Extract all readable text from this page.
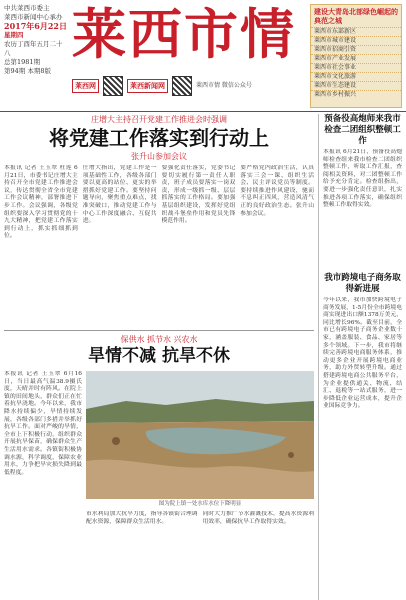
中共莱西市委主
莱西市新闻中心承办
2017年6月22日
星期四
农历丁酉年五月二十八
总第1981期
第94期 本期8版
莱西市情
莱西网	莱西新闻网	莱西市情 微信公众号
建设大青岛北部绿色崛起的典范之城
莱西市东部新区
莱西市城市建设
莱西市招商引资
莱西市产业发展
莱西市社会事业
莱西市文化旅游
莱西市生态建设
莱西市乡村振兴
庄增大主持召开党建工作推进会时强调
将党建工作落实到行动上
张升山参加会议
本报讯 记者 王玉翠 杜莲 6月21日，市委书记庄增大主持召开全市党建工作推进会议，传达贯彻全省全市党建工作会议精神，部署推进下步工作。会议强调，各级党组织要深入学习贯彻党的十九大精神，把党建工作落实到行动上，抓实抓细抓到位。
庄增大指出，党建工作是一项基础性工作，各级各部门要以更高的站位、更实的举措抓好党建工作。要坚持问题导向，聚焦重点难点，找准突破口，推动党建工作与中心工作深度融合、互促共进。
要强化责任落实，党委书记要切实履行第一责任人职责，班子成员要落实一岗双责，形成一级抓一级、层层抓落实的工作格局。要加强基层组织建设，发挥好党组织战斗堡垒作用和党员先锋模范作用。
要严格党内政治生活，认真落实三会一课、组织生活会、民主评议党员等制度。要持续推进作风建设，驰而不息纠正四风，营造风清气正的良好政治生态。张升山参加会议。
预备役高炮师来我市检查二团组织整顿工作
本报讯 6月21日，预备役高炮师检查组来我市检查二团组织整顿工作，听取工作汇报，查阅相关资料，对二团整顿工作给予充分肯定。检查组指出，要进一步强化责任意识，扎实推进各项工作落实，确保组织整顿工作取得实效。
我市跨境电子商务取得新进展
今年以来，我市加快跨境电子商务发展，1-5月份全市跨境电商实现进出口额1378万美元，同比增长96%。截至目前，全市已有跨境电子商务企业数十家，涵盖服装、食品、家居等多个领域。下一步，我市将继续完善跨境电商服务体系，推动更多企业开展跨境电商业务，助力外贸转型升级。通过搭建跨境电商公共服务平台，为企业提供通关、物流、结汇、退税等一站式服务，进一步降低企业运营成本，提升企业国际竞争力。
保供水 抓节水 兴农水
旱情不减 抗旱不休
本报讯 记者 王玉翠 6月16日，当日最高气温38.9摄氏度，天晴并时有阵风。在院上镇的田间地头，群众们正在忙着抗旱浇地。今年以来，我市降水持续偏少，旱情持续发展，各级各部门多措并举抓好抗旱工作。面对严峻的旱情，全市上下积极行动，组织群众开展抗旱保苗，确保群众生产生活用水需求。各镇街积极协调水源，科学调度，保障农业用水，力争把旱灾损失降到最低程度。
图为院上镇一处水库水位下降明显
市水利局加大抗旱力度，指导各镇街合理调配水资源，保障群众生活用水。
同时大力推广节水灌溉技术，提高水资源利用效率，确保抗旱工作取得实效。
